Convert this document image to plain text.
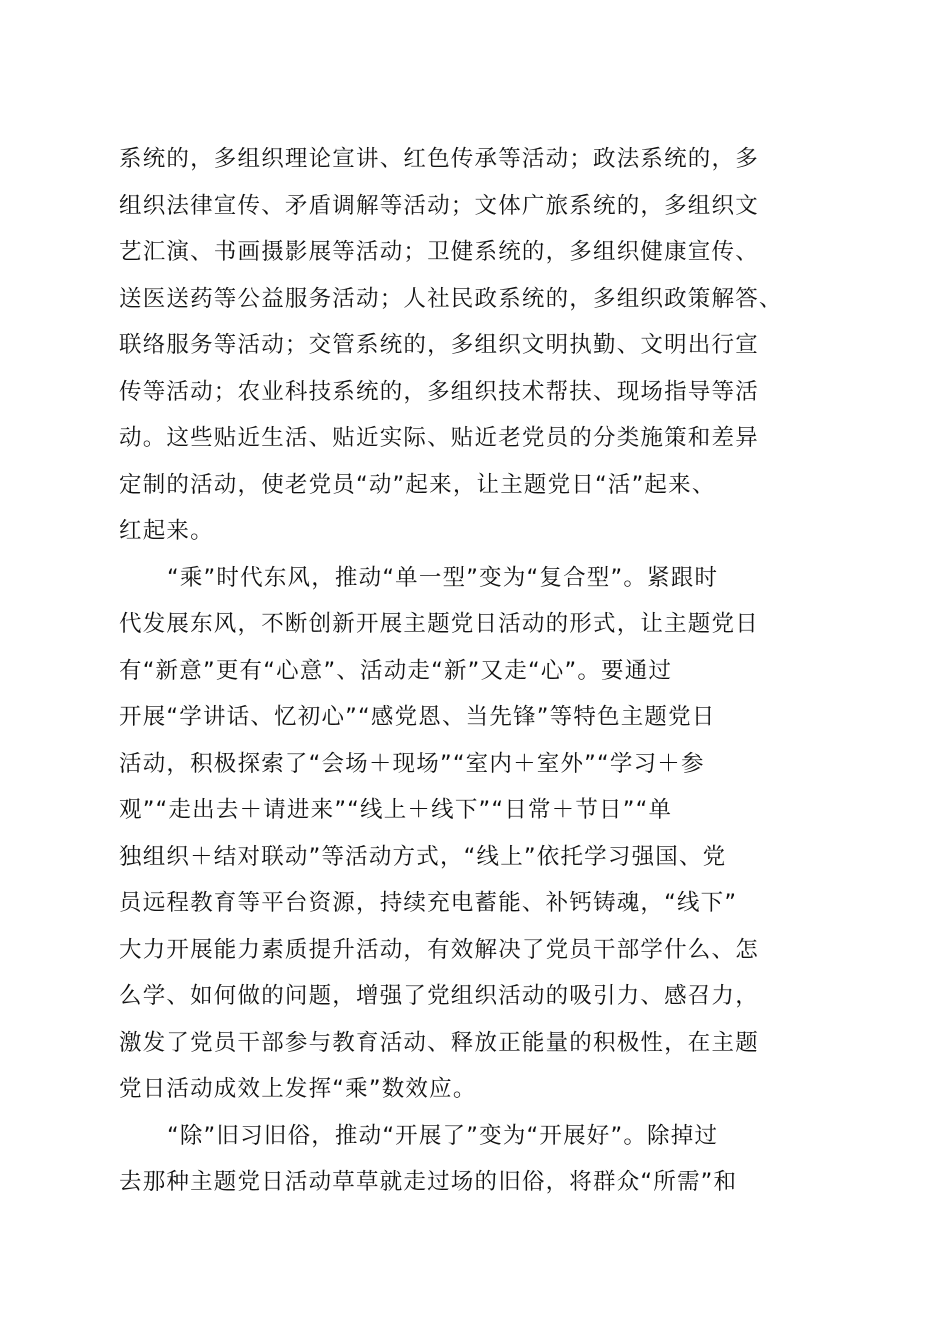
系统的，多组织理论宣讲、红色传承等活动；政法系统的，多
组织法律宣传、矛盾调解等活动；文体广旅系统的，多组织文
艺汇演、书画摄影展等活动；卫健系统的，多组织健康宣传、
送医送药等公益服务活动；人社民政系统的，多组织政策解答、
联络服务等活动；交管系统的，多组织文明执勤、文明出行宣
传等活动；农业科技系统的，多组织技术帮扶、现场指导等活
动。这些贴近生活、贴近实际、贴近老党员的分类施策和差异
定制的活动，使老党员“动”起来，让主题党日“活”起来、
红起来。
“乘”时代东风，推动“单一型”变为“复合型”。紧跟时
代发展东风，不断创新开展主题党日活动的形式，让主题党日
有“新意”更有“心意”、活动走“新”又走“心”。要通过
开展“学讲话、忆初心”“感党恩、当先锋”等特色主题党日
活动，积极探索了“会场＋现场”“室内＋室外”“学习＋参
观”“走出去＋请进来”“线上＋线下”“日常＋节日”“单
独组织＋结对联动”等活动方式，“线上”依托学习强国、党
员远程教育等平台资源，持续充电蓄能、补钙铸魂，“线下”
大力开展能力素质提升活动，有效解决了党员干部学什么、怎
么学、如何做的问题，增强了党组织活动的吸引力、感召力，
激发了党员干部参与教育活动、释放正能量的积极性，在主题
党日活动成效上发挥“乘”数效应。
“除”旧习旧俗，推动“开展了”变为“开展好”。除掉过
去那种主题党日活动草草就走过场的旧俗，将群众“所需”和
